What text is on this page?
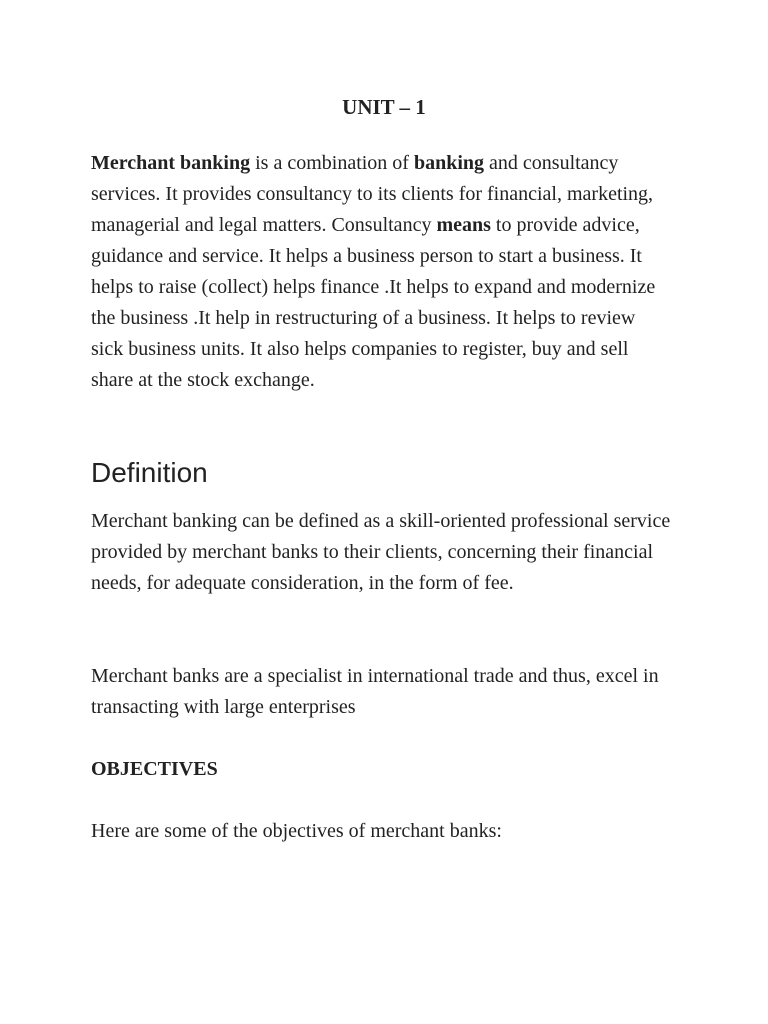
UNIT – 1

Merchant banking is a combination of banking and consultancy services. It provides consultancy to its clients for financial, marketing, managerial and legal matters. Consultancy means to provide advice, guidance and service. It helps a business person to start a business. It helps to raise (collect) helps finance .It helps to expand and modernize the business .It help in restructuring of a business. It helps to review sick business units. It also helps companies to register, buy and sell share at the stock exchange.

Definition

Merchant banking can be defined as a skill-oriented professional service provided by merchant banks to their clients, concerning their financial needs, for adequate consideration, in the form of fee.

Merchant banks are a specialist in international trade and thus, excel in transacting with large enterprises

OBJECTIVES

Here are some of the objectives of merchant banks:
